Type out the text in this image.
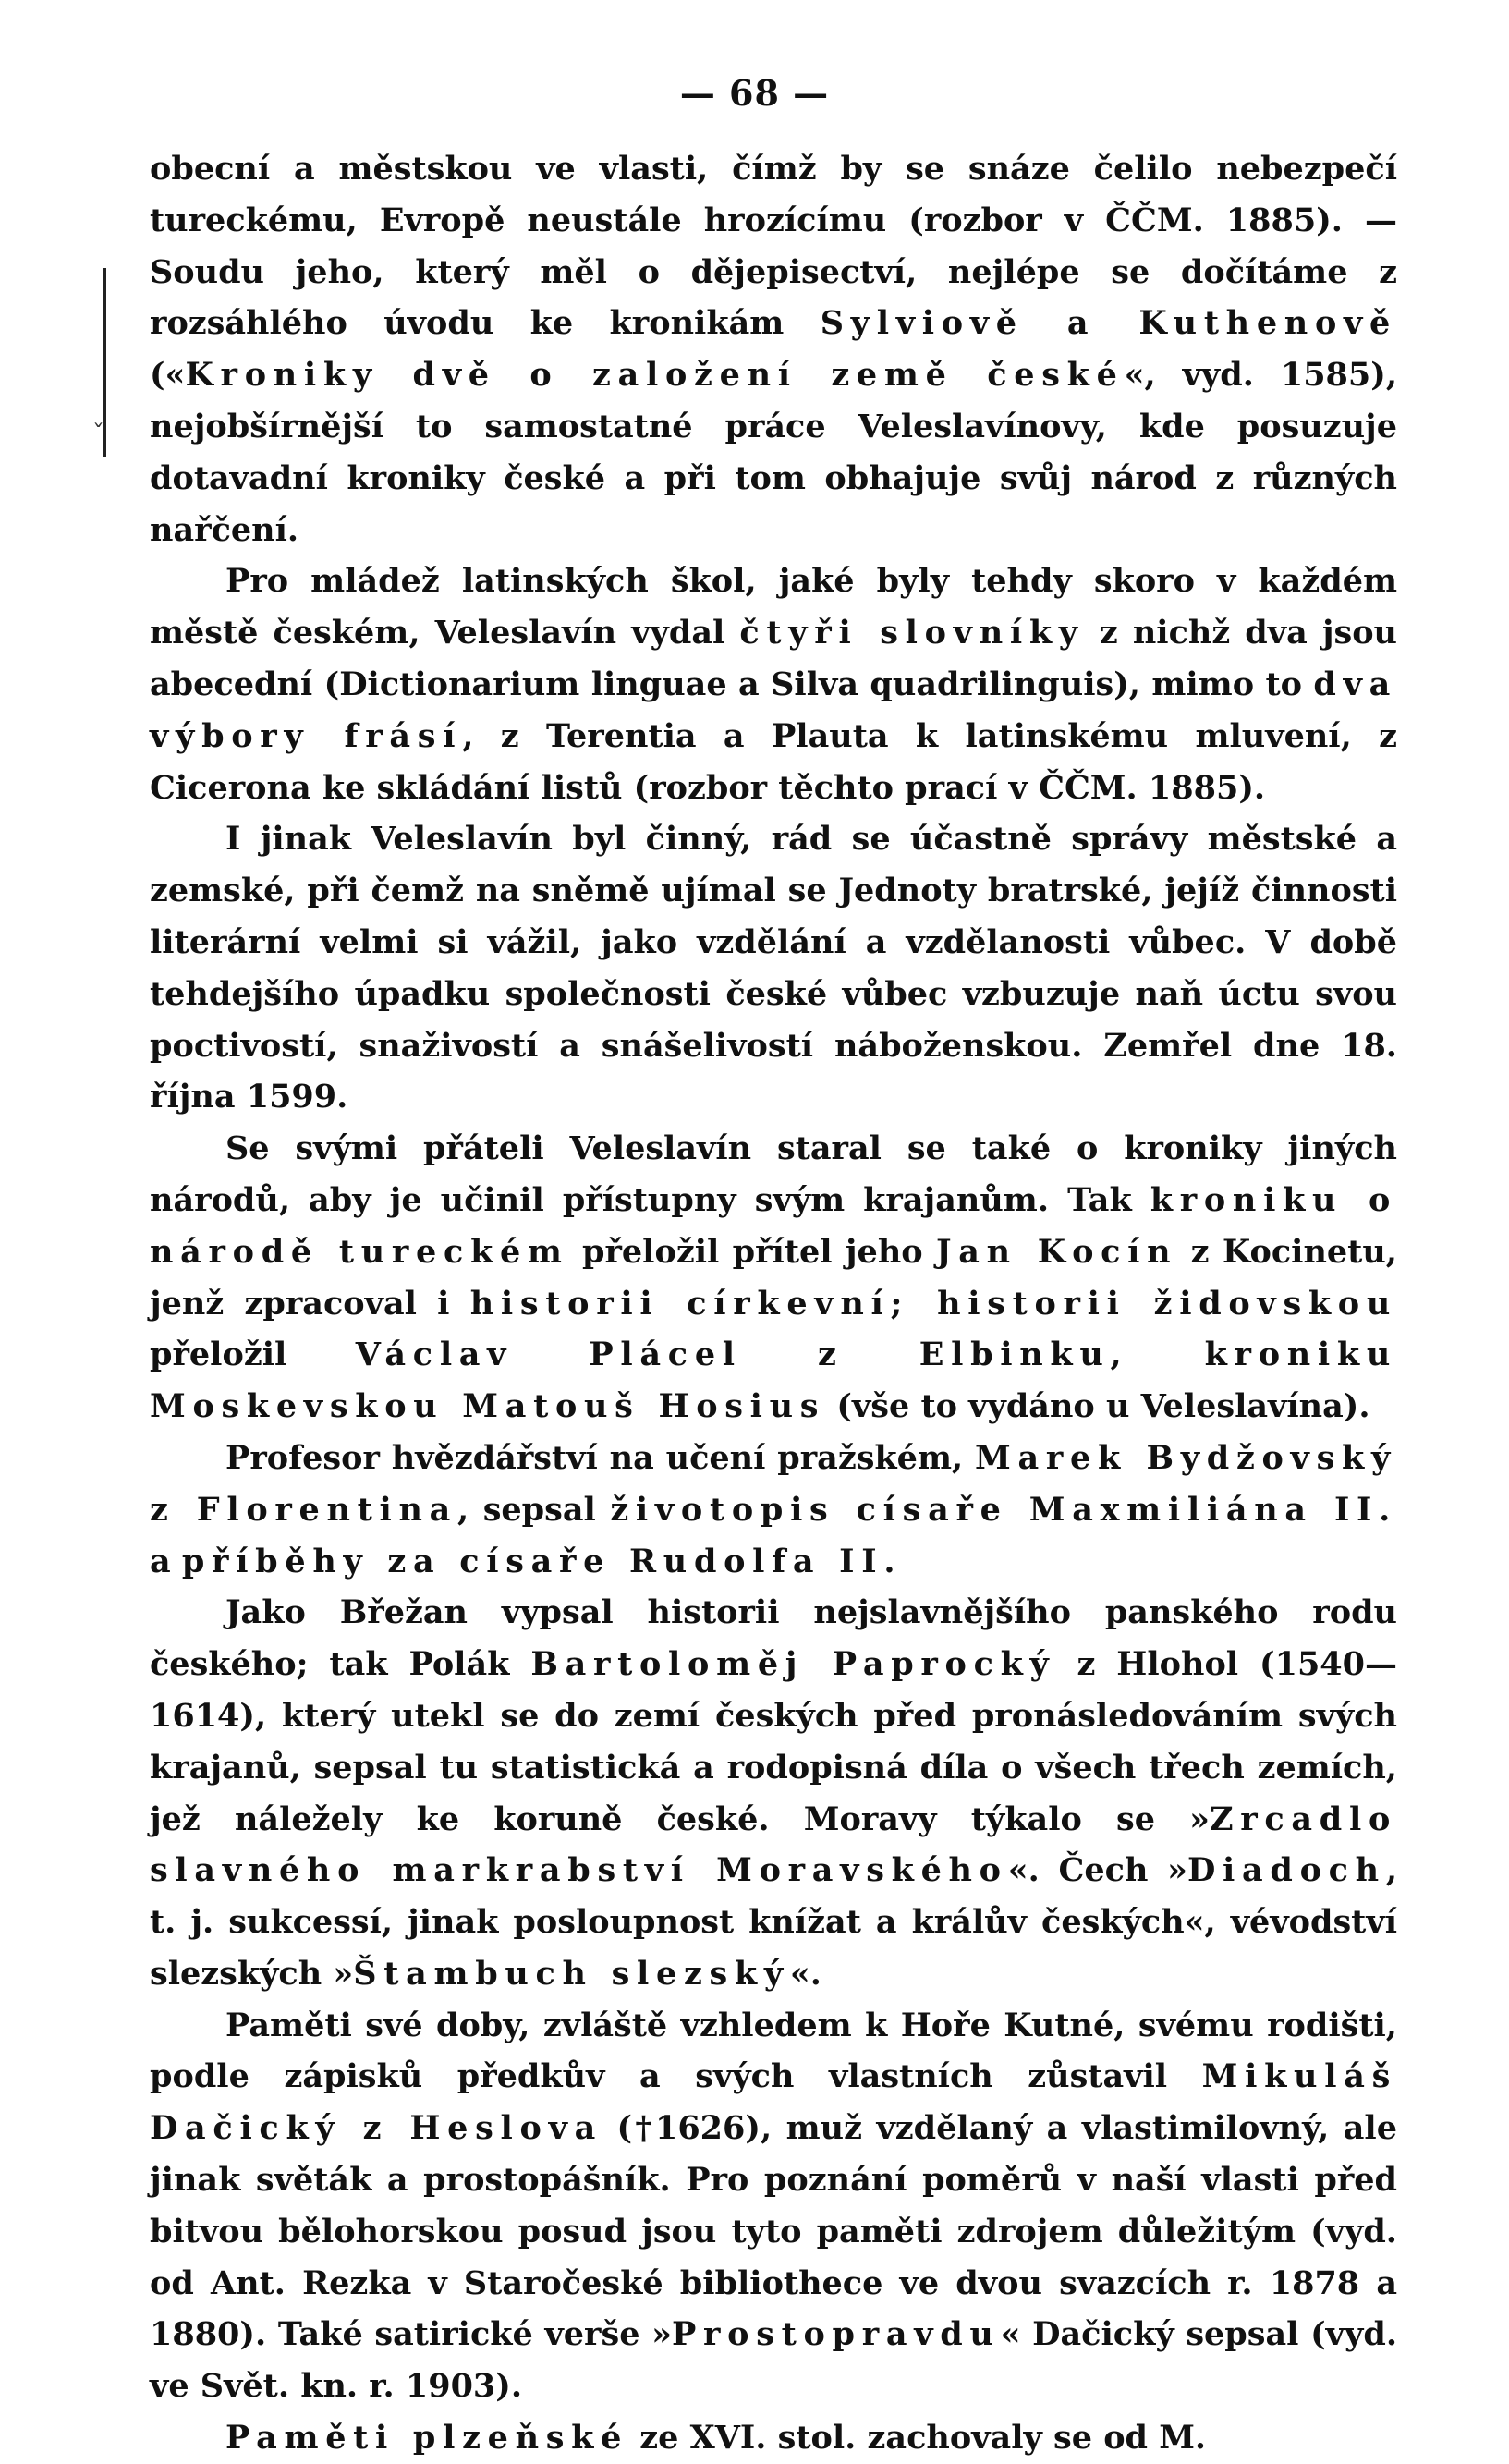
— 68 —
ˇ

obecní a městskou ve vlasti, čímž by se snáze čelilo nebezpečí tureckému, Evropě neustále hrozícímu (rozbor v ČČM. 1885). — Soudu jeho, který měl o dějepisectví, nejlépe se dočítáme z rozsáhlého úvodu ke kronikám Sylviově a Kuthenově («Kroniky dvě o založení země české«, vyd. 1585), nejobšírnější to samostatné práce Veleslavínovy, kde posuzuje dotavadní kroniky české a při tom obhajuje svůj národ z různých nařčení.

Pro mládež latinských škol, jaké byly tehdy skoro v každém městě českém, Veleslavín vydal čtyři slovníky z nichž dva jsou abecední (Dictionarium linguae a Silva quadrilinguis), mimo to dva výbory frásí, z Terentia a Plauta k latinskému mluvení, z Cicerona ke skládání listů (rozbor těchto prací v ČČM. 1885).

I jinak Veleslavín byl činný, rád se účastně správy městské a zemské, při čemž na sněmě ujímal se Jednoty bratrské, jejíž činnosti literární velmi si vážil, jako vzdělání a vzdělanosti vůbec. V době tehdejšího úpadku společnosti české vůbec vzbuzuje naň úctu svou poctivostí, snaživostí a snášelivostí náboženskou. Zemřel dne 18. října 1599.

Se svými přáteli Veleslavín staral se také o kroniky jiných národů, aby je učinil přístupny svým krajanům. Tak kroniku o národě tureckém přeložil přítel jeho Jan Kocín z Kocinetu, jenž zpracoval i historii církevní; historii židovskou přeložil Václav Plácel z Elbinku, kroniku Moskevskou Matouš Hosius (vše to vydáno u Veleslavína).

Profesor hvězdářství na učení pražském, Marek Bydžovský z Florentina, sepsal životopis císaře Maxmiliána II. a příběhy za císaře Rudolfa II.

Jako Břežan vypsal historii nejslavnějšího panského rodu českého; tak Polák Bartoloměj Paprocký z Hlohol (1540—1614), který utekl se do zemí českých před pronásledováním svých krajanů, sepsal tu statistická a rodopisná díla o všech třech zemích, jež náležely ke koruně české. Moravy týkalo se »Zrcadlo slavného markrabství Moravského«. Čech »Diadoch, t. j. sukcessí, jinak posloupnost knížat a králův českých«, vévodství slezských »Štambuch slezský«.

Paměti své doby, zvláště vzhledem k Hoře Kutné, svému rodišti, podle zápisků předkův a svých vlastních zůstavil Mikuláš Dačický z Heslova (†1626), muž vzdělaný a vlastimilovný, ale jinak světák a prostopášník. Pro poznání poměrů v naší vlasti před bitvou bělohorskou posud jsou tyto paměti zdrojem důležitým (vyd. od Ant. Rezka v Staročeské bibliothece ve dvou svazcích r. 1878 a 1880). Také satirické verše »Prostopravdu« Dačický sepsal (vyd. ve Svět. kn. r. 1903).

Paměti plzeňské ze XVI. stol. zachovaly se od M.
